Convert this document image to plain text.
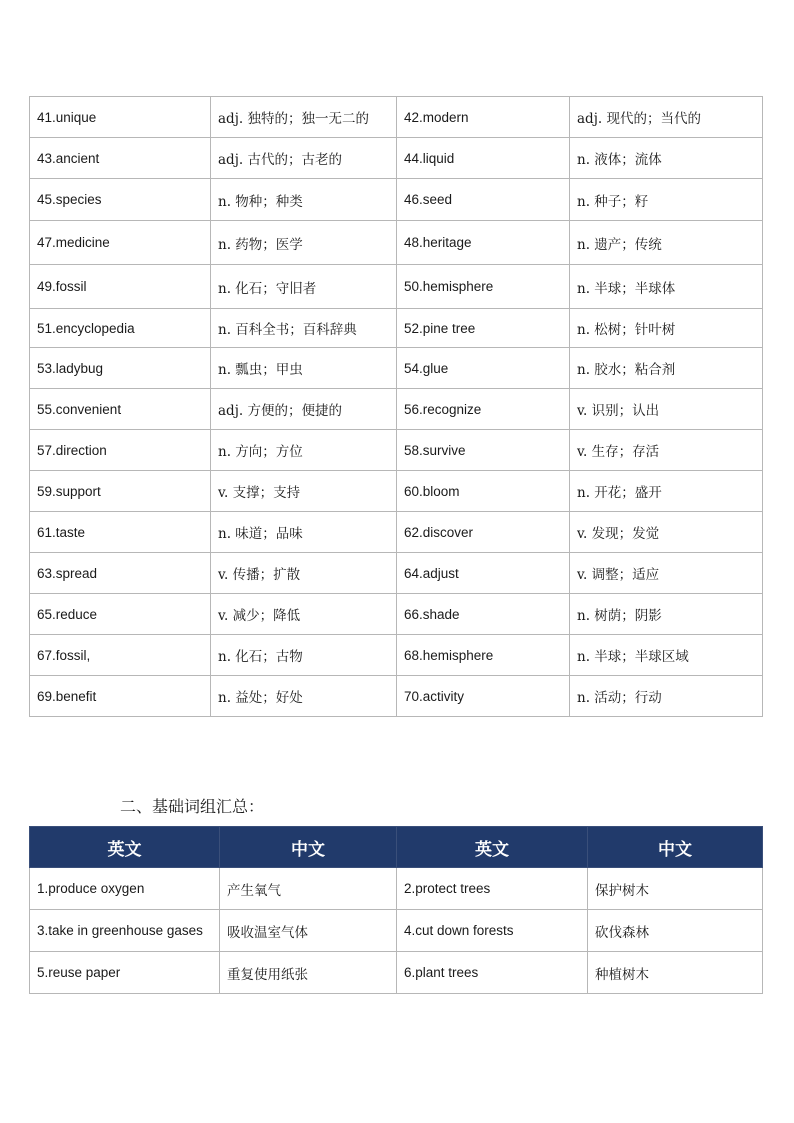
41.unique	adj. 独特的；独一无二的	42.modern	adj. 现代的；当代的
43.ancient	adj. 古代的；古老的	44.liquid	n. 液体；流体
45.species	n. 物种；种类	46.seed	n. 种子；籽
47.medicine	n. 药物；医学	48.heritage	n. 遗产；传统
49.fossil	n. 化石；守旧者	50.hemisphere	n. 半球；半球体
51.encyclopedia	n. 百科全书；百科辞典	52.pine tree	n. 松树；针叶树
53.ladybug	n. 瓢虫；甲虫	54.glue	n. 胶水；粘合剂
55.convenient	adj. 方便的；便捷的	56.recognize	v. 识别；认出
57.direction	n. 方向；方位	58.survive	v. 生存；存活
59.support	v. 支撑；支持	60.bloom	n. 开花；盛开
61.taste	n. 味道；品味	62.discover	v. 发现；发觉
63.spread	v. 传播；扩散	64.adjust	v. 调整；适应
65.reduce	v. 减少；降低	66.shade	n. 树荫；阴影
67.fossil,	n. 化石；古物	68.hemisphere	n. 半球；半球区域
69.benefit	n. 益处；好处	70.activity	n. 活动；行动
二、基础词组汇总：
英文	中文	英文	中文
1.produce oxygen	产生氧气	2.protect trees	保护树木
3.take in greenhouse gases	吸收温室气体	4.cut down forests	砍伐森林
5.reuse paper	重复使用纸张	6.plant trees	种植树木
